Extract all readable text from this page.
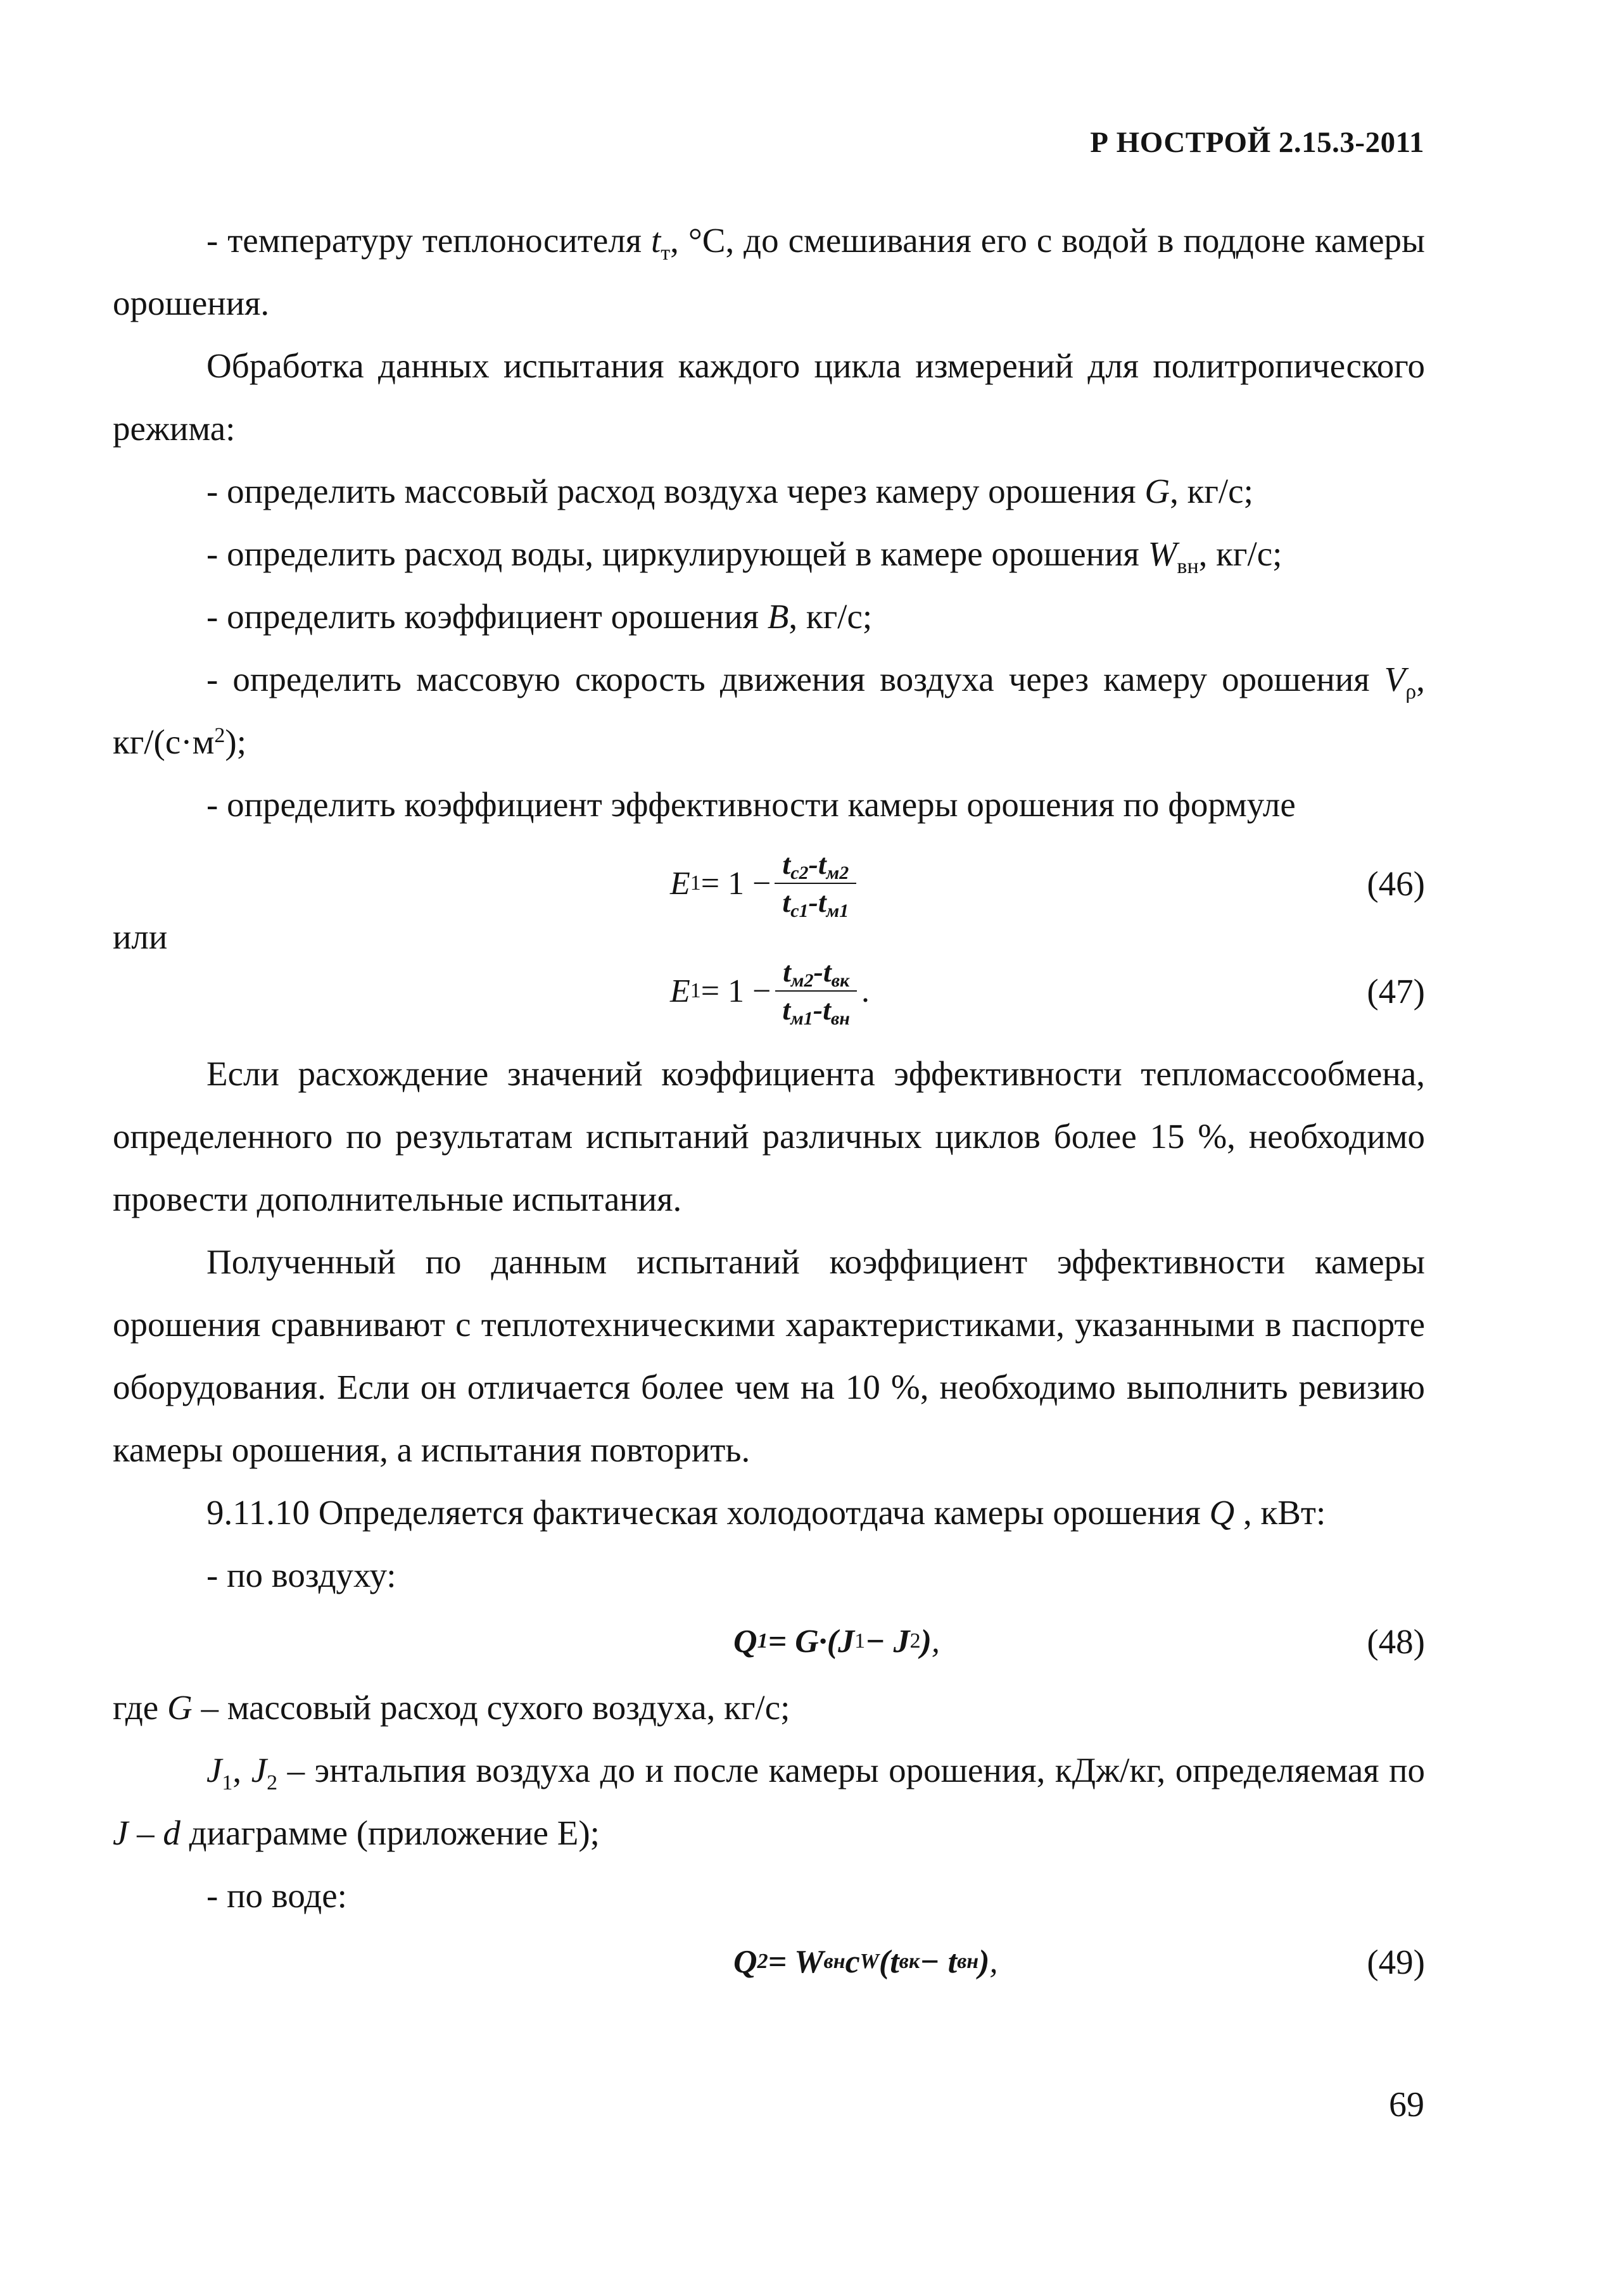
Р НОСТРОЙ 2.15.3-2011

- температуру теплоносителя $t_т$, °С, до смешивания его с водой в поддоне камеры орошения.

Обработка данных испытания каждого цикла измерений для политропического режима:

- определить массовый расход воздуха через камеру орошения G, кг/с;

- определить расход воды, циркулирующей в камере орошения $W_{вн}$, кг/с;

- определить коэффициент орошения B, кг/с;

- определить массовую скорость движения воздуха через камеру орошения $V_\rho$, $кг/(с\cdot м^2)$;

- определить коэффициент эффективности камеры орошения по формуле

E $1 = 1 - \frac{t_{с2}-t_{м2}}{t_{с1}-t_{м1}}$	(46)
или
E $1 = 1 - \frac{t_{м2}-t_{вк}}{t_{м1}-t_{вн}}$ .	(47)

Если расхождение значений коэффициента эффективности тепломассообмена, определенного по результатам испытаний различных циклов более 15 %, необходимо провести дополнительные испытания.

Полученный по данным испытаний коэффициент эффективности камеры орошения сравнивают с теплотехническими характеристиками, указанными в паспорте оборудования. Если он отличается более чем на 10 %, необходимо выполнить ревизию камеры орошения, а испытания повторить.

9.11.10 Определяется фактическая холодоотдача камеры орошения Q , кВт:

- по воздуху:

Q 1 = G·(J 1 − J 2 ) ,	(48)

где G – массовый расход сухого воздуха, кг/с;

$J_1$, $J_2$ – энтальпия воздуха до и после камеры орошения, кДж/кг, определяемая по J – d диаграмме (приложение Е);

- по воде:

Q 2 = W вн c W (t вк − t вн ) ,	(49)
69
